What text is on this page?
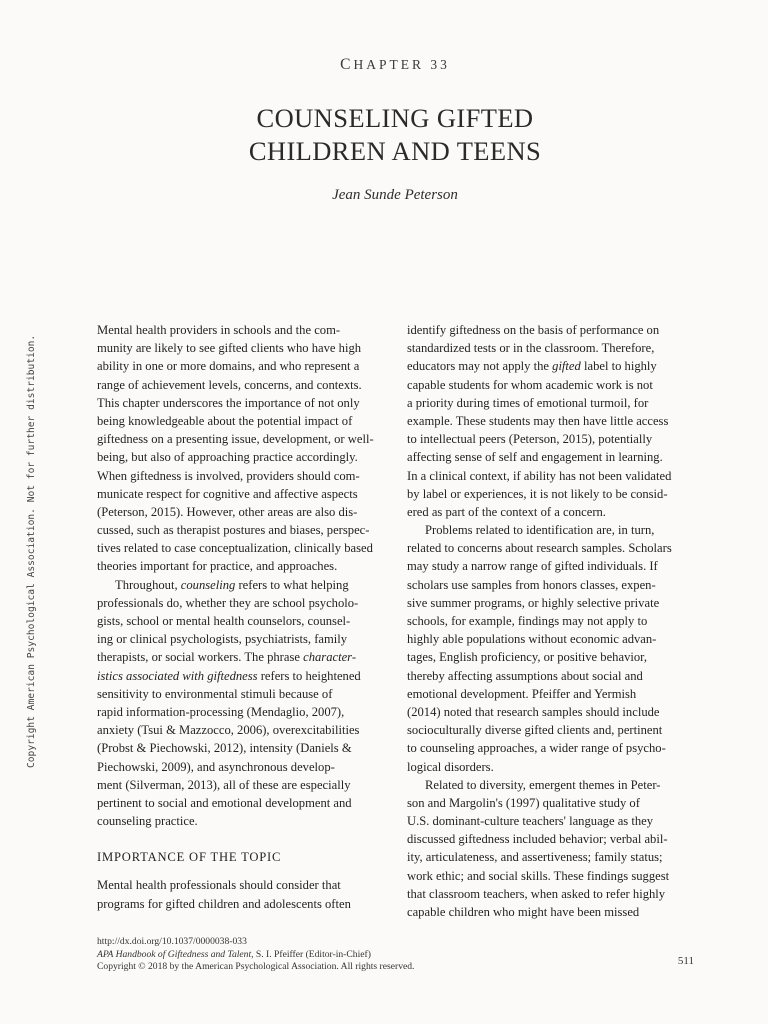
CHAPTER 33
COUNSELING GIFTED
CHILDREN AND TEENS
Jean Sunde Peterson
Copyright American Psychological Association. Not for further distribution.
Mental health providers in schools and the com-
munity are likely to see gifted clients who have high
ability in one or more domains, and who represent a
range of achievement levels, concerns, and contexts.
This chapter underscores the importance of not only
being knowledgeable about the potential impact of
giftedness on a presenting issue, development, or well-
being, but also of approaching practice accordingly.
When giftedness is involved, providers should com-
municate respect for cognitive and affective aspects
(Peterson, 2015). However, other areas are also dis-
cussed, such as therapist postures and biases, perspec-
tives related to case conceptualization, clinically based
theories important for practice, and approaches.
Throughout, counseling refers to what helping
professionals do, whether they are school psycholo-
gists, school or mental health counselors, counsel-
ing or clinical psychologists, psychiatrists, family
therapists, or social workers. The phrase character-
istics associated with giftedness refers to heightened
sensitivity to environmental stimuli because of
rapid information-processing (Mendaglio, 2007),
anxiety (Tsui & Mazzocco, 2006), overexcitabilities
(Probst & Piechowski, 2012), intensity (Daniels &
Piechowski, 2009), and asynchronous develop-
ment (Silverman, 2013), all of these are especially
pertinent to social and emotional development and
counseling practice.
IMPORTANCE OF THE TOPIC
Mental health professionals should consider that
programs for gifted children and adolescents often
identify giftedness on the basis of performance on
standardized tests or in the classroom. Therefore,
educators may not apply the gifted label to highly
capable students for whom academic work is not
a priority during times of emotional turmoil, for
example. These students may then have little access
to intellectual peers (Peterson, 2015), potentially
affecting sense of self and engagement in learning.
In a clinical context, if ability has not been validated
by label or experiences, it is not likely to be consid-
ered as part of the context of a concern.
Problems related to identification are, in turn,
related to concerns about research samples. Scholars
may study a narrow range of gifted individuals. If
scholars use samples from honors classes, expen-
sive summer programs, or highly selective private
schools, for example, findings may not apply to
highly able populations without economic advan-
tages, English proficiency, or positive behavior,
thereby affecting assumptions about social and
emotional development. Pfeiffer and Yermish
(2014) noted that research samples should include
socioculturally diverse gifted clients and, pertinent
to counseling approaches, a wider range of psycho-
logical disorders.
Related to diversity, emergent themes in Peter-
son and Margolin's (1997) qualitative study of
U.S. dominant-culture teachers' language as they
discussed giftedness included behavior; verbal abil-
ity, articulateness, and assertiveness; family status;
work ethic; and social skills. These findings suggest
that classroom teachers, when asked to refer highly
capable children who might have been missed
http://dx.doi.org/10.1037/0000038-033
APA Handbook of Giftedness and Talent, S. I. Pfeiffer (Editor-in-Chief)
Copyright © 2018 by the American Psychological Association. All rights reserved.	511
